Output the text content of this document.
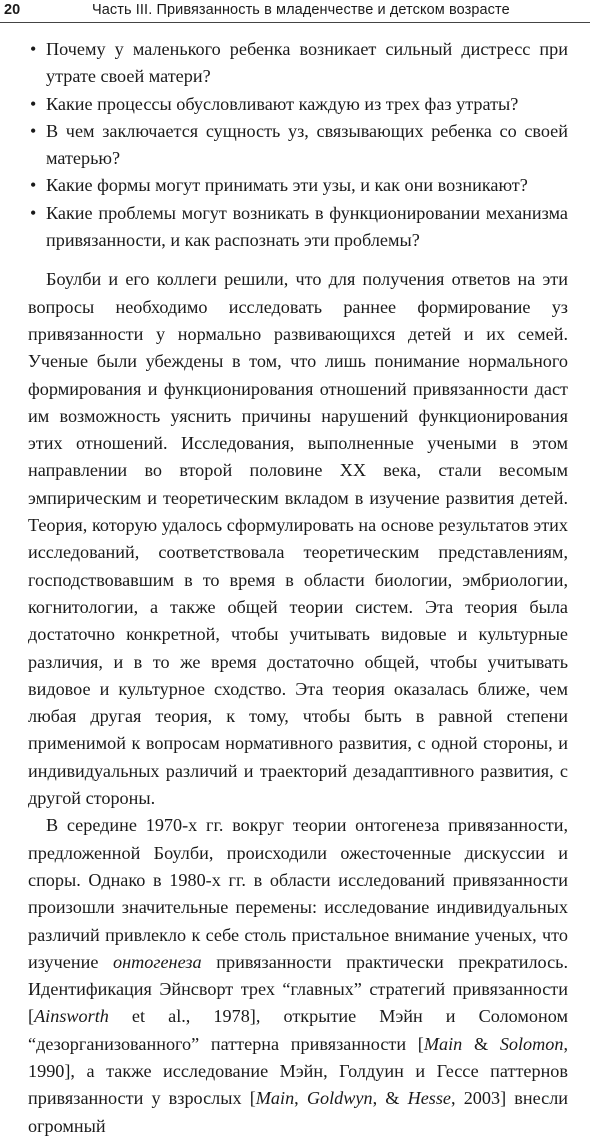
20	Часть III. Привязанность в младенчестве и детском возрасте
• Почему у маленького ребенка возникает сильный дистресс при утрате своей матери?
• Какие процессы обусловливают каждую из трех фаз утраты?
• В чем заключается сущность уз, связывающих ребенка со своей матерью?
• Какие формы могут принимать эти узы, и как они возникают?
• Какие проблемы могут возникать в функционировании механизма привязанности, и как распознать эти проблемы?

Боулби и его коллеги решили, что для получения ответов на эти вопросы необходимо исследовать раннее формирование уз привязанности у нормально развивающихся детей и их семей. Ученые были убеждены в том, что лишь понимание нормального формирования и функционирования отношений привязанности даст им возможность уяснить причины нарушений функционирования этих отношений. Исследования, выполненные учеными в этом направлении во второй половине XX века, стали весомым эмпирическим и теоретическим вкладом в изучение развития детей. Теория, которую удалось сформулировать на основе результатов этих исследований, соответствовала теоретическим представлениям, господствовавшим в то время в области биологии, эмбриологии, когнитологии, а также общей теории систем. Эта теория была достаточно конкретной, чтобы учитывать видовые и культурные различия, и в то же время достаточно общей, чтобы учитывать видовое и культурное сходство. Эта теория оказалась ближе, чем любая другая теория, к тому, чтобы быть в равной степени применимой к вопросам нормативного развития, с одной стороны, и индивидуальных различий и траекторий дезадаптивного развития, с другой стороны.

В середине 1970-х гг. вокруг теории онтогенеза привязанности, предложенной Боулби, происходили ожесточенные дискуссии и споры. Однако в 1980-х гг. в области исследований привязанности произошли значительные перемены: исследование индивидуальных различий привлекло к себе столь пристальное внимание ученых, что изучение онтогенеза привязанности практически прекратилось. Идентификация Эйнсворт трех “главных” стратегий привязанности [Ainsworth et al., 1978], открытие Мэйн и Соломоном “дезорганизованного” паттерна привязанности [Main & Solomon, 1990], а также исследование Мэйн, Голдуин и Гессе паттернов привязанности у взрослых [Main, Goldwyn, & Hesse, 2003] внесли огромный
